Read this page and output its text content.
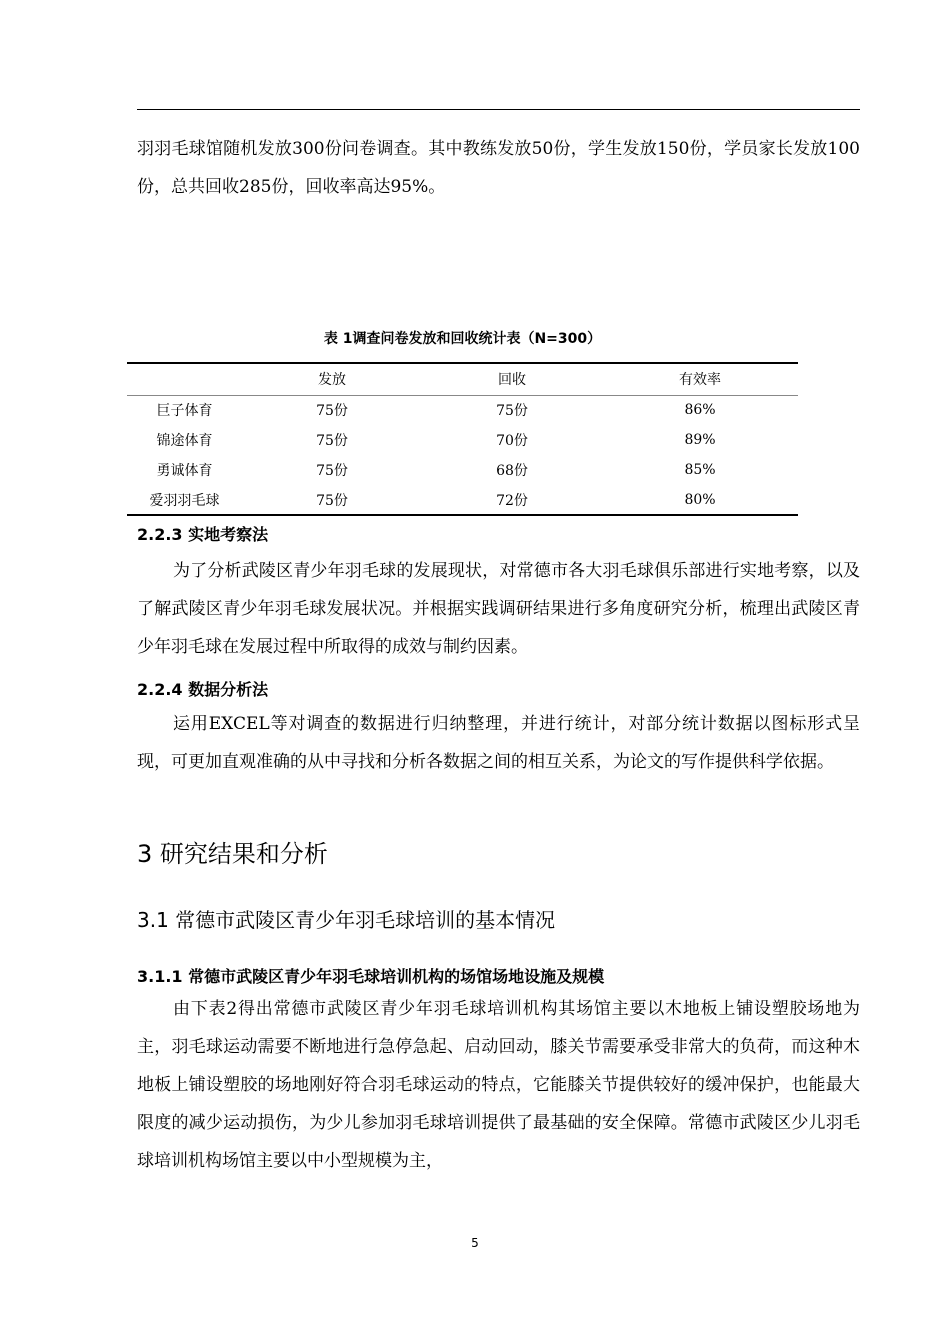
羽羽毛球馆随机发放300份问卷调查。其中教练发放50份，学生发放150份，学员家长发放100份，总共回收285份，回收率高达95%。

表 1调查问卷发放和回收统计表（N=300）
	发放	回收	有效率
巨子体育	75份	75份	86%
锦途体育	75份	70份	89%
勇诚体育	75份	68份	85%
爱羽羽毛球	75份	72份	80%
2.2.3 实地考察法

为了分析武陵区青少年羽毛球的发展现状，对常德市各大羽毛球俱乐部进行实地考察，以及了解武陵区青少年羽毛球发展状况。并根据实践调研结果进行多角度研究分析，梳理出武陵区青少年羽毛球在发展过程中所取得的成效与制约因素。

2.2.4 数据分析法

运用EXCEL等对调查的数据进行归纳整理，并进行统计，对部分统计数据以图标形式呈现，可更加直观准确的从中寻找和分析各数据之间的相互关系，为论文的写作提供科学依据。

3 研究结果和分析
3.1 常德市武陵区青少年羽毛球培训的基本情况
3.1.1 常德市武陵区青少年羽毛球培训机构的场馆场地设施及规模

由下表2得出常德市武陵区青少年羽毛球培训机构其场馆主要以木地板上铺设塑胶场地为主，羽毛球运动需要不断地进行急停急起、启动回动，膝关节需要承受非常大的负荷，而这种木地板上铺设塑胶的场地刚好符合羽毛球运动的特点，它能膝关节提供较好的缓冲保护，也能最大限度的减少运动损伤，为少儿参加羽毛球培训提供了最基础的安全保障。常德市武陵区少儿羽毛球培训机构场馆主要以中小型规模为主，

5
